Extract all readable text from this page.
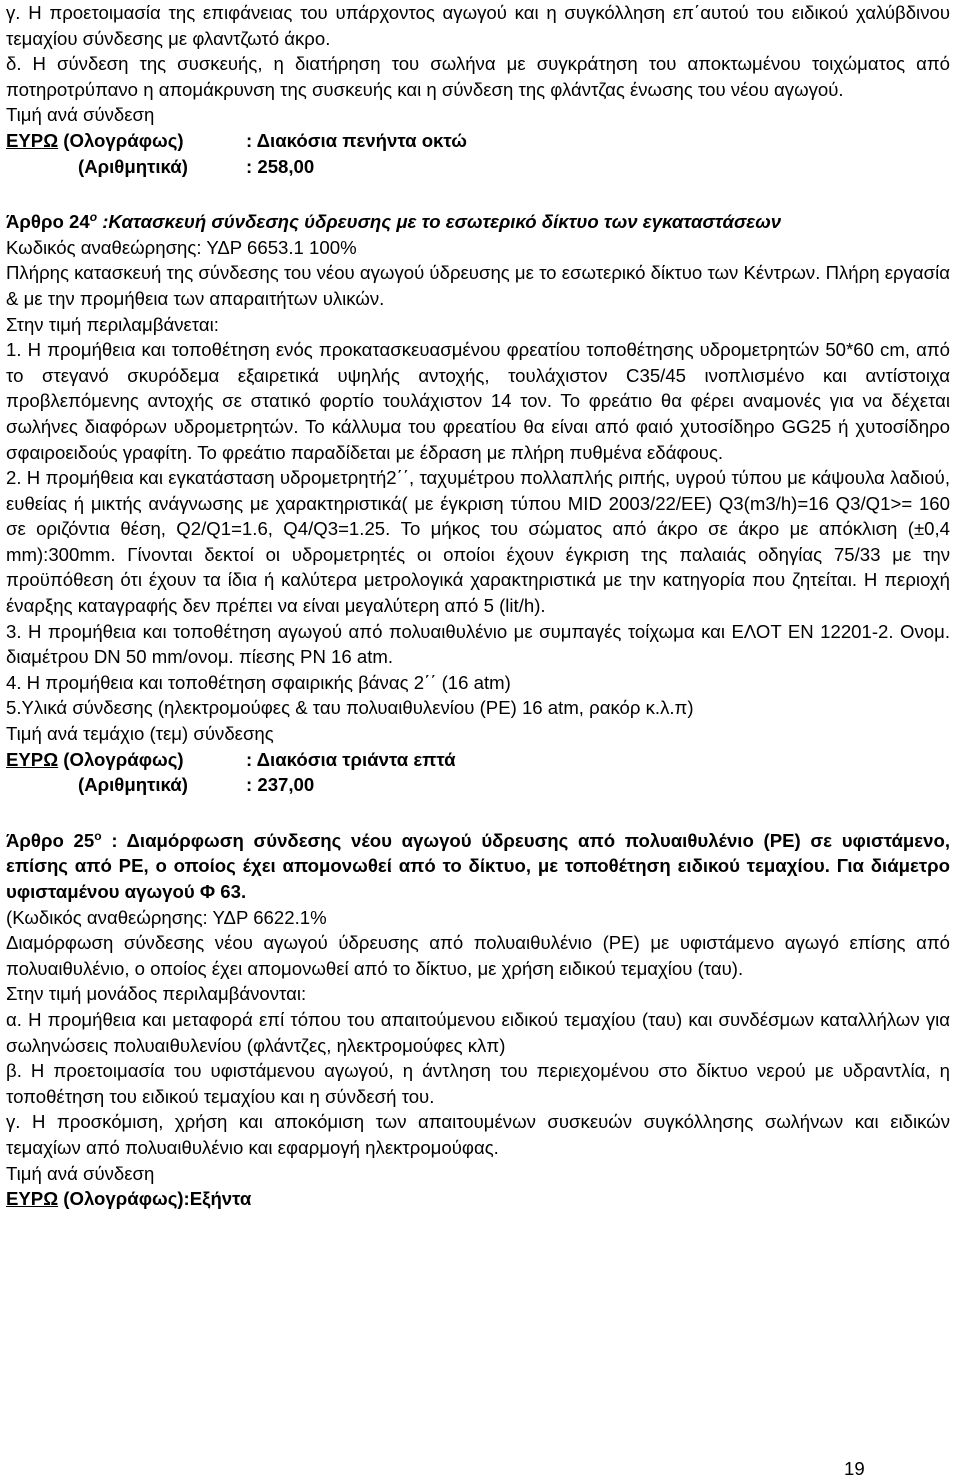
γ. Η προετοιμασία της επιφάνειας του υπάρχοντος αγωγού και η συγκόλληση επ΄αυτού του ειδικού χαλύβδινου τεμαχίου σύνδεσης με φλαντζωτό άκρο.

δ. Η σύνδεση της συσκευής, η διατήρηση του σωλήνα με συγκράτηση του αποκτωμένου τοιχώματος από ποτηροτρύπανο η απομάκρυνση της συσκευής και η σύνδεση της φλάντζας ένωσης του νέου αγωγού.

Τιμή ανά σύνδεση

ΕΥΡΩ (Ολογράφως)	: Διακόσια πενήντα οκτώ
(Αριθμητικά)	: 258,00

Άρθρο $24^o$ :Κατασκευή σύνδεσης ύδρευσης με το εσωτερικό δίκτυο των εγκαταστάσεων

Κωδικός αναθεώρησης: ΥΔΡ 6653.1 100%

Πλήρης κατασκευή της σύνδεσης του νέου αγωγού ύδρευσης με το εσωτερικό δίκτυο των Κέντρων. Πλήρη εργασία & με την προμήθεια των απαραιτήτων υλικών.

Στην τιμή περιλαμβάνεται:

1. Η προμήθεια και τοποθέτηση ενός προκατασκευασμένου φρεατίου τοποθέτησης υδρομετρητών 50*60 cm, από το στεγανό σκυρόδεμα εξαιρετικά υψηλής αντοχής, τουλάχιστον C35/45 ινοπλισμένο και αντίστοιχα προβλεπόμενης αντοχής σε στατικό φορτίο τουλάχιστον 14 τον. Το φρεάτιο θα φέρει αναμονές για να δέχεται σωλήνες διαφόρων υδρομετρητών. Το κάλλυμα του φρεατίου θα είναι από φαιό χυτοσίδηρο GG25 ή χυτοσίδηρο σφαιροειδούς γραφίτη. Το φρεάτιο παραδίδεται με έδραση με πλήρη πυθμένα εδάφους.

2. Η προμήθεια και εγκατάσταση υδρομετρητή2΄΄, ταχυμέτρου πολλαπλής ριπής, υγρού τύπου με κάψουλα λαδιού, ευθείας ή μικτής ανάγνωσης με χαρακτηριστικά( με έγκριση τύπου MID 2003/22/EE) Q3(m3/h)=16 Q3/Q1>= 160 σε οριζόντια θέση, Q2/Q1=1.6, Q4/Q3=1.25. Το μήκος του σώματος από άκρο σε άκρο με απόκλιση (±0,4 mm):300mm. Γίνονται δεκτοί οι υδρομετρητές οι οποίοι έχουν έγκριση της παλαιάς οδηγίας 75/33 με την προϋπόθεση ότι έχουν τα ίδια ή καλύτερα μετρολογικά χαρακτηριστικά με την κατηγορία που ζητείται. Η περιοχή έναρξης καταγραφής δεν πρέπει να είναι μεγαλύτερη από 5 (lit/h).

3. Η προμήθεια και τοποθέτηση αγωγού από πολυαιθυλένιο με συμπαγές τοίχωμα και ΕΛΟΤ ΕΝ 12201-2. Ονομ. διαμέτρου DN 50 mm/ονομ. πίεσης PN 16 atm.

4. Η προμήθεια και τοποθέτηση σφαιρικής βάνας 2΄΄ (16 atm)

5.Υλικά σύνδεσης (ηλεκτρομούφες & ταυ πολυαιθυλενίου (PE) 16 atm, ρακόρ κ.λ.π)

Τιμή ανά τεμάχιο (τεμ) σύνδεσης

ΕΥΡΩ (Ολογράφως)	: Διακόσια τριάντα επτά
(Αριθμητικά)	: 237,00

Άρθρο $25^o$ : Διαμόρφωση σύνδεσης νέου αγωγού ύδρευσης από πολυαιθυλένιο (PE) σε υφιστάμενο, επίσης από PE, ο οποίος έχει απομονωθεί από το δίκτυο, με τοποθέτηση ειδικού τεμαχίου. Για διάμετρο υφισταμένου αγωγού Φ 63.

(Κωδικός αναθεώρησης: ΥΔΡ 6622.1%

Διαμόρφωση σύνδεσης νέου αγωγού ύδρευσης από πολυαιθυλένιο (PE) με υφιστάμενο αγωγό επίσης από πολυαιθυλένιο, ο οποίος έχει απομονωθεί από το δίκτυο, με χρήση ειδικού τεμαχίου (ταυ).

Στην τιμή μονάδος περιλαμβάνονται:

α. Η προμήθεια και μεταφορά επί τόπου του απαιτούμενου ειδικού τεμαχίου (ταυ) και συνδέσμων καταλλήλων για σωληνώσεις πολυαιθυλενίου (φλάντζες, ηλεκτρομούφες κλπ)

β. Η προετοιμασία του υφιστάμενου αγωγού, η άντληση του περιεχομένου στο δίκτυο νερού με υδραντλία, η τοποθέτηση του ειδικού τεμαχίου και η σύνδεσή του.

γ. Η προσκόμιση, χρήση και αποκόμιση των απαιτουμένων συσκευών συγκόλλησης σωλήνων και ειδικών τεμαχίων από πολυαιθυλένιο και εφαρμογή ηλεκτρομούφας.

Τιμή ανά σύνδεση

ΕΥΡΩ (Ολογράφως): Εξήντα
19
